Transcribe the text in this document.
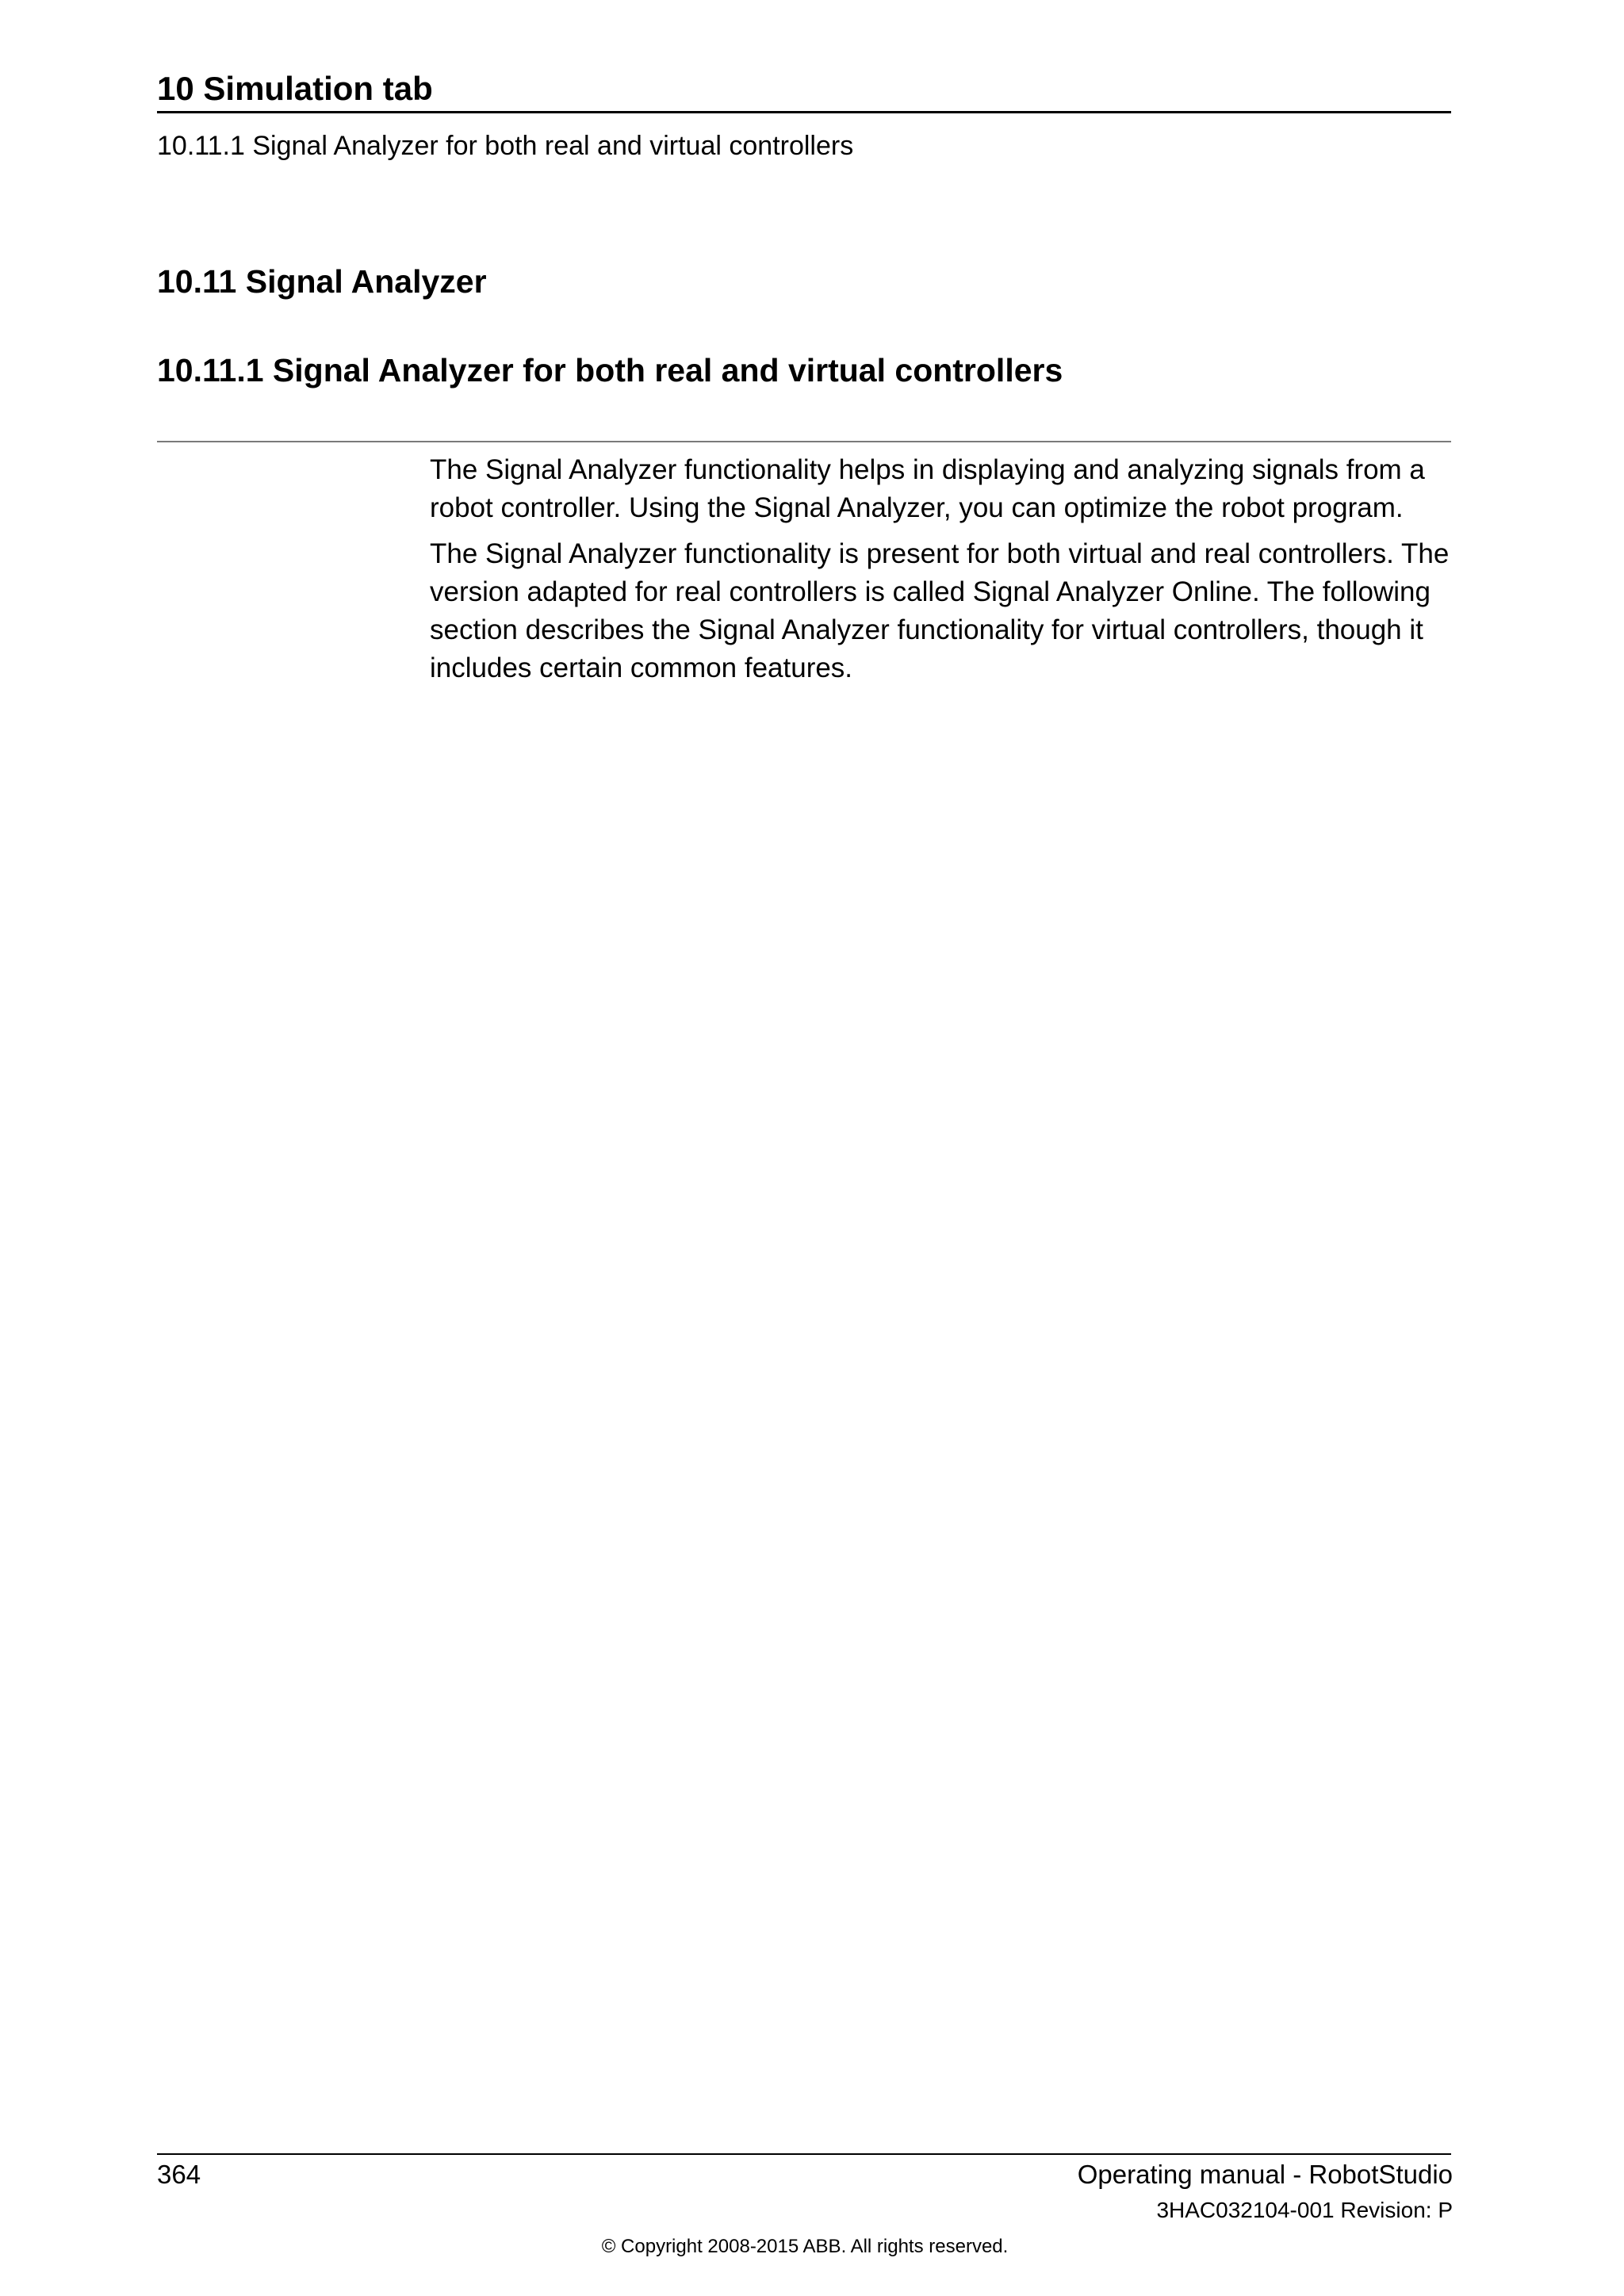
10 Simulation tab
10.11.1 Signal Analyzer for both real and virtual controllers
10.11 Signal Analyzer
10.11.1 Signal Analyzer for both real and virtual controllers

The Signal Analyzer functionality helps in displaying and analyzing signals from a robot controller. Using the Signal Analyzer, you can optimize the robot program.

The Signal Analyzer functionality is present for both virtual and real controllers. The version adapted for real controllers is called Signal Analyzer Online. The following section describes the Signal Analyzer functionality for virtual controllers, though it includes certain common features.

364	Operating manual - RobotStudio
3HAC032104-001 Revision: P
© Copyright 2008-2015 ABB. All rights reserved.
